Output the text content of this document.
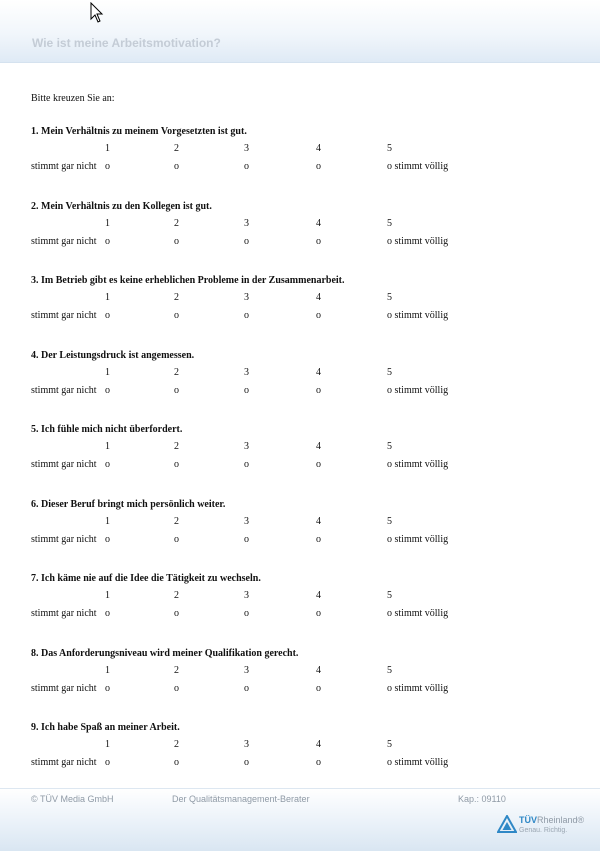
Wie ist meine Arbeitsmotivation?
Bitte kreuzen Sie an:
1. Mein Verhältnis zu meinem Vorgesetzten ist gut.
1	2	3	4	5
stimmt gar nicht o	o	o	o	o stimmt völlig
2. Mein Verhältnis zu den Kollegen ist gut.
1	2	3	4	5
stimmt gar nicht o	o	o	o	o stimmt völlig
3. Im Betrieb gibt es keine erheblichen Probleme in der Zusammenarbeit.
1	2	3	4	5
stimmt gar nicht o	o	o	o	o stimmt völlig
4. Der Leistungsdruck ist angemessen.
1	2	3	4	5
stimmt gar nicht o	o	o	o	o stimmt völlig
5. Ich fühle mich nicht überfordert.
1	2	3	4	5
stimmt gar nicht o	o	o	o	o stimmt völlig
6. Dieser Beruf bringt mich persönlich weiter.
1	2	3	4	5
stimmt gar nicht o	o	o	o	o stimmt völlig
7. Ich käme nie auf die Idee die Tätigkeit zu wechseln.
1	2	3	4	5
stimmt gar nicht o	o	o	o	o stimmt völlig
8. Das Anforderungsniveau wird meiner Qualifikation gerecht.
1	2	3	4	5
stimmt gar nicht o	o	o	o	o stimmt völlig
9. Ich habe Spaß an meiner Arbeit.
1	2	3	4	5
stimmt gar nicht o	o	o	o	o stimmt völlig
© TÜV Media GmbH	Der Qualitätsmanagement-Berater	Kap.: 09110
TÜVRheinland®
Genau. Richtig.
